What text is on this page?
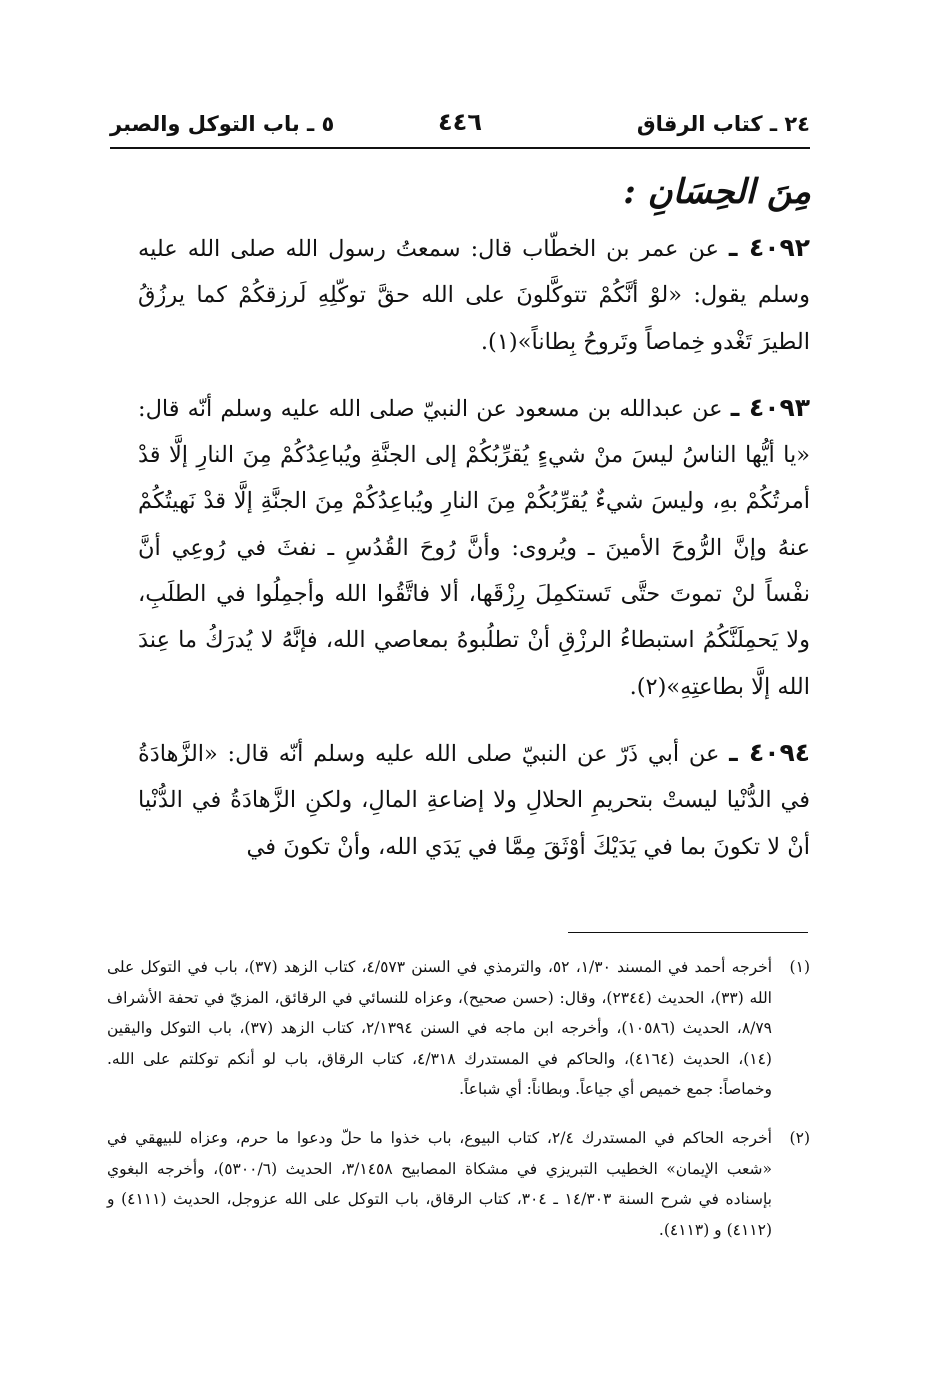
٢٤ ـ كتاب الرقاق
٤٤٦
٥ ـ باب التوكل والصبر
مِنَ الحِسَانِ :

٤٠٩٢ ـ عن عمر بن الخطّاب قال: سمعتُ رسول الله صلى الله عليه وسلم يقول: «لوْ أنَّكُمْ تتوكَّلونَ على الله حقَّ توكّلِهِ لَرزقكُمْ كما يرزُقُ الطيرَ تَغْدو خِماصاً وتَروحُ بِطاناً»(١).

٤٠٩٣ ـ عن عبدالله بن مسعود عن النبيّ صلى الله عليه وسلم أنّه قال: «يا أيُّها الناسُ ليسَ منْ شيءٍ يُقرِّبُكُمْ إلى الجنَّةِ ويُباعِدُكُمْ مِنَ النارِ إلَّا قدْ أمرتُكُمْ بهِ، وليسَ شيءٌ يُقرِّبُكُمْ مِنَ النارِ ويُباعِدُكُمْ مِنَ الجنَّةِ إلَّا قدْ نَهيتُكُمْ عنهُ وإنَّ الرُّوحَ الأمينَ ـ ويُروى: وأنَّ رُوحَ القُدُسِ ـ نفثَ في رُوعِي أنَّ نفْساً لنْ تموتَ حتَّى تَستكمِلَ رِزْقَها، ألا فاتَّقُوا الله وأجمِلُوا في الطلَبِ، ولا يَحمِلَنَّكُمُ استبطاءُ الرزْقِ أنْ تطلُبوهُ بمعاصي الله، فإنَّهُ لا يُدرَكُ ما عِندَ الله إلَّا بطاعتِهِ»(٢).

٤٠٩٤ ـ عن أبي ذَرّ عن النبيّ صلى الله عليه وسلم أنّه قال: «الزَّهادَةُ في الدُّنْيا ليستْ بتحريمِ الحلالِ ولا إضاعةِ المالِ، ولكنِ الزَّهادَةُ في الدُّنْيا أنْ لا تكونَ بما في يَدَيْكَ أوْثَقَ مِمَّا في يَدَي الله، وأنْ تكونَ في

(١)
أخرجه أحمد في المسند ١/٣٠، ٥٢، والترمذي في السنن ٤/٥٧٣، كتاب الزهد (٣٧)، باب في التوكل على الله (٣٣)، الحديث (٢٣٤٤)، وقال: (حسن صحيح)، وعزاه للنسائي في الرقائق، المزيّ في تحفة الأشراف ٨/٧٩، الحديث (١٠٥٨٦)، وأخرجه ابن ماجه في السنن ٢/١٣٩٤، كتاب الزهد (٣٧)، باب التوكل واليقين (١٤)، الحديث (٤١٦٤)، والحاكم في المستدرك ٤/٣١٨، كتاب الرقاق، باب لو أنكم توكلتم على الله. وخماصاً: جمع خميص أي جياعاً. وبطاناً: أي شباعاً.

(٢)
أخرجه الحاكم في المستدرك ٢/٤، كتاب البيوع، باب خذوا ما حلّ ودعوا ما حرم، وعزاه للبيهقي في «شعب الإيمان» الخطيب التبريزي في مشكاة المصابيح ٣/١٤٥٨، الحديث (٥٣٠٠/٦)، وأخرجه البغوي بإسناده في شرح السنة ١٤/٣٠٣ ـ ٣٠٤، كتاب الرقاق، باب التوكل على الله عزوجل، الحديث (٤١١١) و (٤١١٢) و (٤١١٣).
